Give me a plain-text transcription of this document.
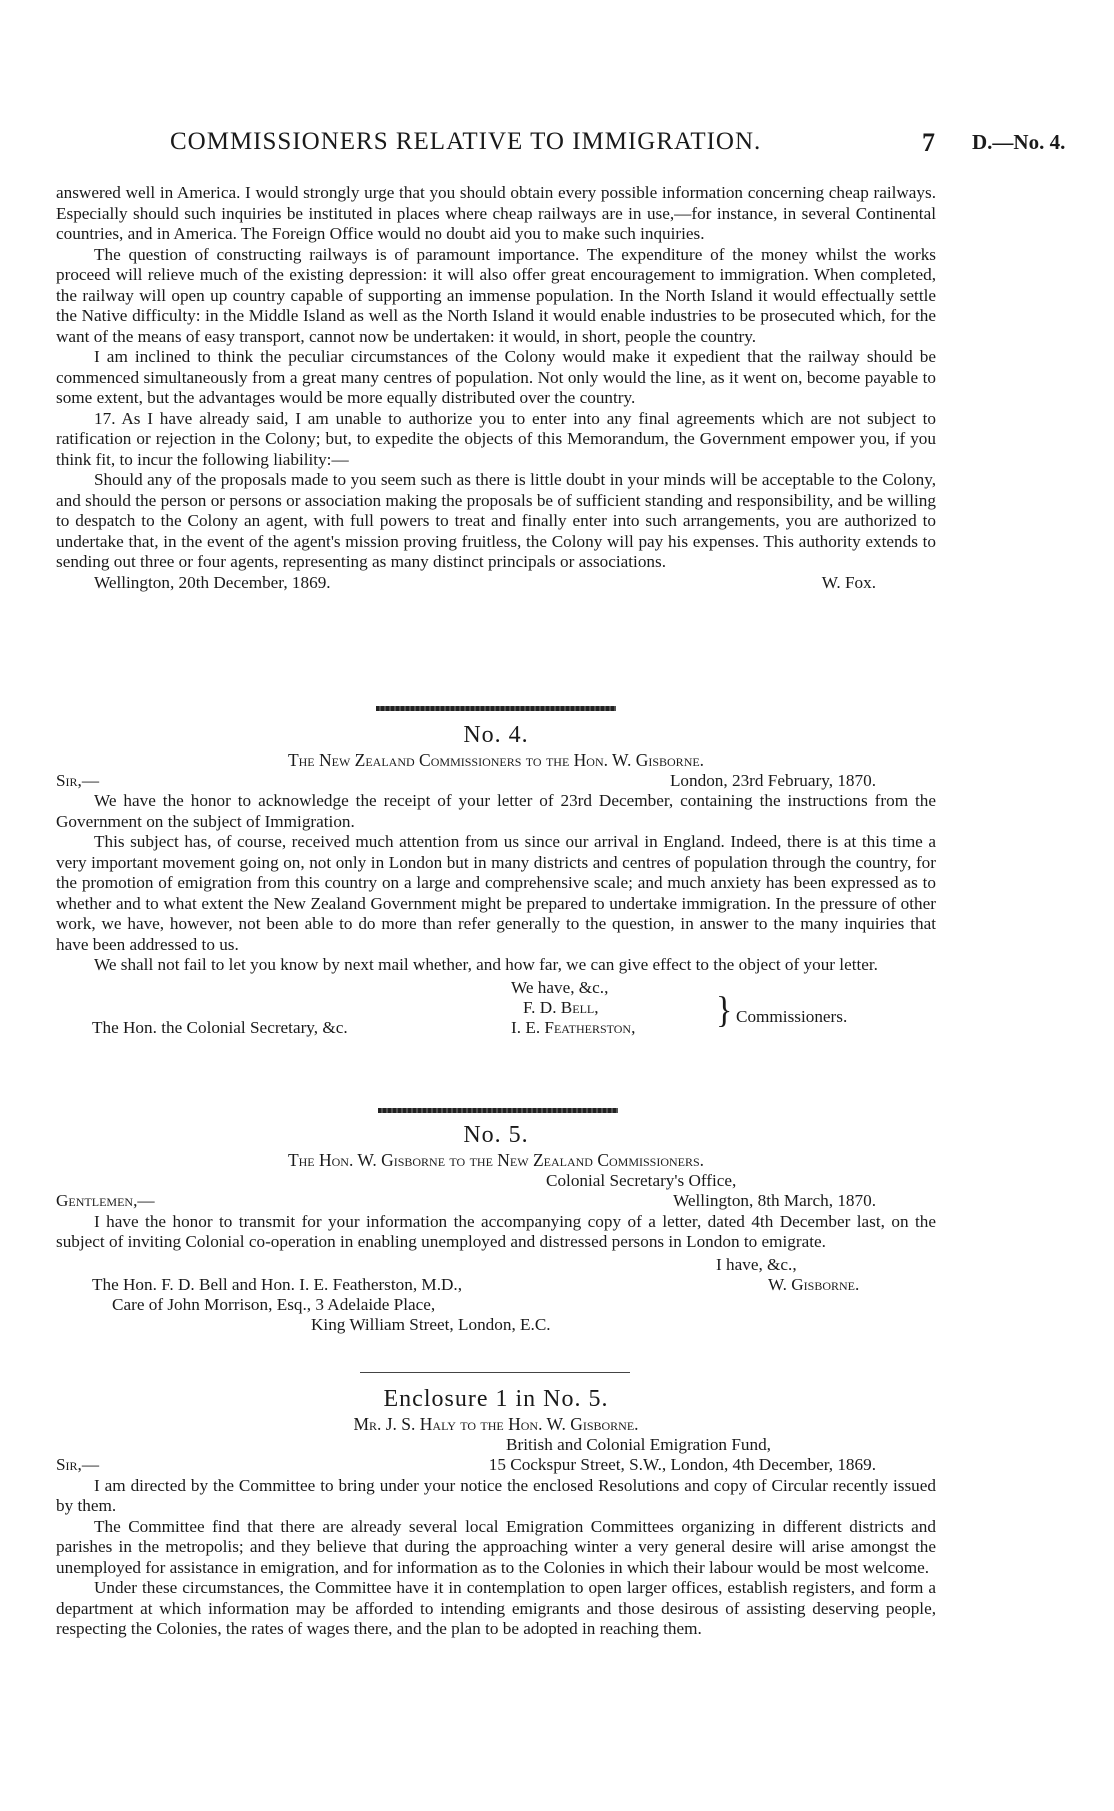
COMMISSIONERS RELATIVE TO IMMIGRATION.	7 D.—No. 4.

answered well in America. I would strongly urge that you should obtain every possible information concerning cheap railways. Especially should such inquiries be instituted in places where cheap railways are in use,—for instance, in several Continental countries, and in America. The Foreign Office would no doubt aid you to make such inquiries.

The question of constructing railways is of paramount importance. The expenditure of the money whilst the works proceed will relieve much of the existing depression: it will also offer great encouragement to immigration. When completed, the railway will open up country capable of supporting an immense population. In the North Island it would effectually settle the Native difficulty: in the Middle Island as well as the North Island it would enable industries to be prosecuted which, for the want of the means of easy transport, cannot now be undertaken: it would, in short, people the country.

I am inclined to think the peculiar circumstances of the Colony would make it expedient that the railway should be commenced simultaneously from a great many centres of population. Not only would the line, as it went on, become payable to some extent, but the advantages would be more equally distributed over the country.

17. As I have already said, I am unable to authorize you to enter into any final agreements which are not subject to ratification or rejection in the Colony; but, to expedite the objects of this Memorandum, the Government empower you, if you think fit, to incur the following liability:—

Should any of the proposals made to you seem such as there is little doubt in your minds will be acceptable to the Colony, and should the person or persons or association making the proposals be of sufficient standing and responsibility, and be willing to despatch to the Colony an agent, with full powers to treat and finally enter into such arrangements, you are authorized to undertake that, in the event of the agent's mission proving fruitless, the Colony will pay his expenses. This authority extends to sending out three or four agents, representing as many distinct principals or associations.

Wellington, 20th December, 1869.	W. Fox.
No. 4.
The New Zealand Commissioners to the Hon. W. Gisborne.
Sir,—	London, 23rd February, 1870.

We have the honor to acknowledge the receipt of your letter of 23rd December, containing the instructions from the Government on the subject of Immigration.

This subject has, of course, received much attention from us since our arrival in England. Indeed, there is at this time a very important movement going on, not only in London but in many districts and centres of population through the country, for the promotion of emigration from this country on a large and comprehensive scale; and much anxiety has been expressed as to whether and to what extent the New Zealand Government might be prepared to undertake immigration. In the pressure of other work, we have, however, not been able to do more than refer generally to the question, in answer to the many inquiries that have been addressed to us.

We shall not fail to let you know by next mail whether, and how far, we can give effect to the object of your letter.

We have, &c.,
F. D. Bell,
I. E. Featherston, } Commissioners.
The Hon. the Colonial Secretary, &c.
No. 5.
The Hon. W. Gisborne to the New Zealand Commissioners.
Colonial Secretary's Office,
Gentlemen,—	Wellington, 8th March, 1870.

I have the honor to transmit for your information the accompanying copy of a letter, dated 4th December last, on the subject of inviting Colonial co-operation in enabling unemployed and distressed persons in London to emigrate.

I have, &c.,
W. Gisborne.
The Hon. F. D. Bell and Hon. I. E. Featherston, M.D.,
Care of John Morrison, Esq., 3 Adelaide Place,
King William Street, London, E.C.
Enclosure 1 in No. 5.
Mr. J. S. Haly to the Hon. W. Gisborne.
British and Colonial Emigration Fund,
Sir,—	15 Cockspur Street, S.W., London, 4th December, 1869.

I am directed by the Committee to bring under your notice the enclosed Resolutions and copy of Circular recently issued by them.

The Committee find that there are already several local Emigration Committees organizing in different districts and parishes in the metropolis; and they believe that during the approaching winter a very general desire will arise amongst the unemployed for assistance in emigration, and for information as to the Colonies in which their labour would be most welcome.

Under these circumstances, the Committee have it in contemplation to open larger offices, establish registers, and form a department at which information may be afforded to intending emigrants and those desirous of assisting deserving people, respecting the Colonies, the rates of wages there, and the plan to be adopted in reaching them.
